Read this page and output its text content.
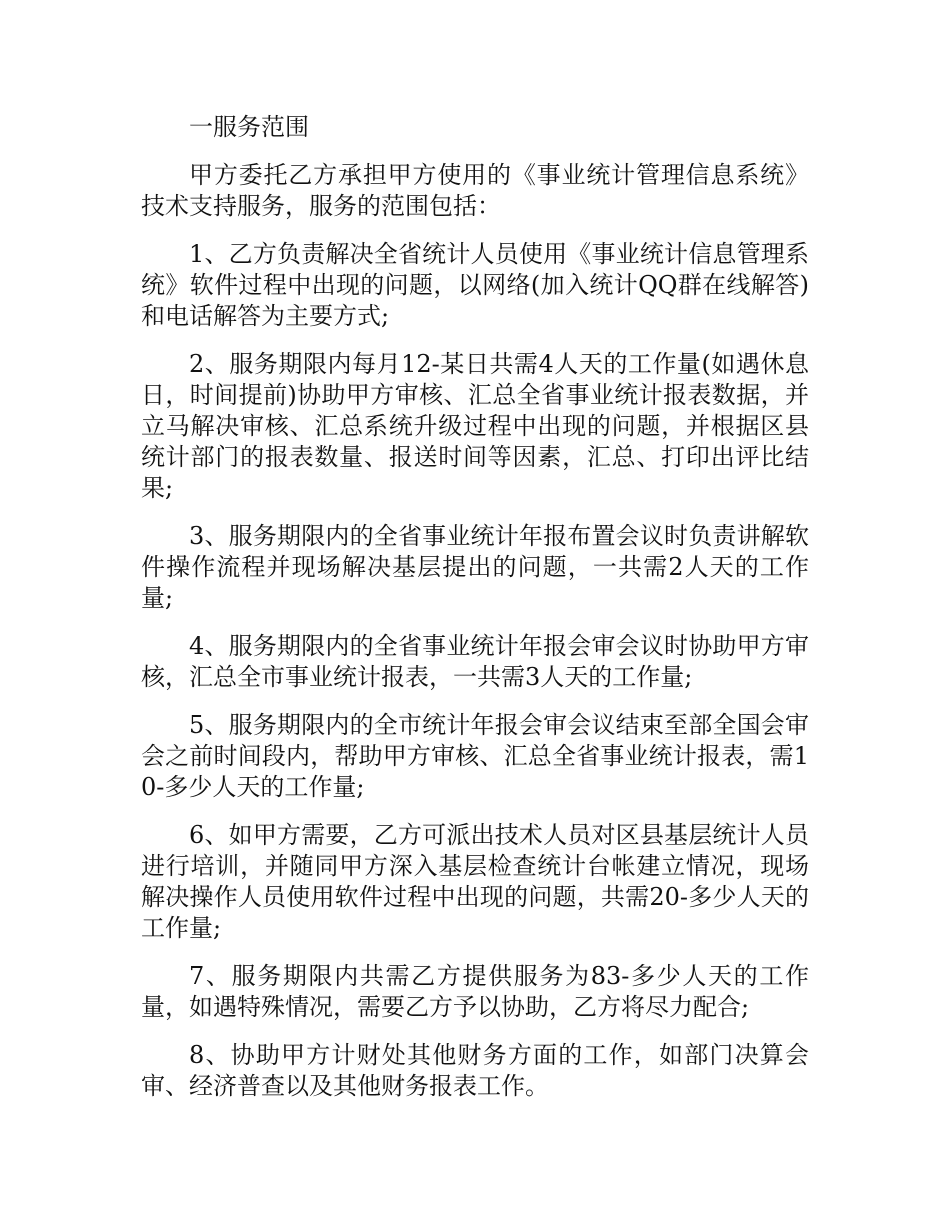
一服务范围

甲方委托乙方承担甲方使用的《事业统计管理信息系统》技术支持服务，服务的范围包括：

1、乙方负责解决全省统计人员使用《事业统计信息管理系统》软件过程中出现的问题，以网络(加入统计QQ群在线解答)和电话解答为主要方式;

2、服务期限内每月12-某日共需4人天的工作量(如遇休息日，时间提前)协助甲方审核、汇总全省事业统计报表数据，并立马解决审核、汇总系统升级过程中出现的问题，并根据区县统计部门的报表数量、报送时间等因素，汇总、打印出评比结果;

3、服务期限内的全省事业统计年报布置会议时负责讲解软件操作流程并现场解决基层提出的问题，一共需2人天的工作量;

4、服务期限内的全省事业统计年报会审会议时协助甲方审核，汇总全市事业统计报表，一共需3人天的工作量;

5、服务期限内的全市统计年报会审会议结束至部全国会审会之前时间段内，帮助甲方审核、汇总全省事业统计报表，需10-多少人天的工作量;

6、如甲方需要，乙方可派出技术人员对区县基层统计人员进行培训，并随同甲方深入基层检查统计台帐建立情况，现场解决操作人员使用软件过程中出现的问题，共需20-多少人天的工作量;

7、服务期限内共需乙方提供服务为83-多少人天的工作量，如遇特殊情况，需要乙方予以协助，乙方将尽力配合;

8、协助甲方计财处其他财务方面的工作，如部门决算会审、经济普查以及其他财务报表工作。
